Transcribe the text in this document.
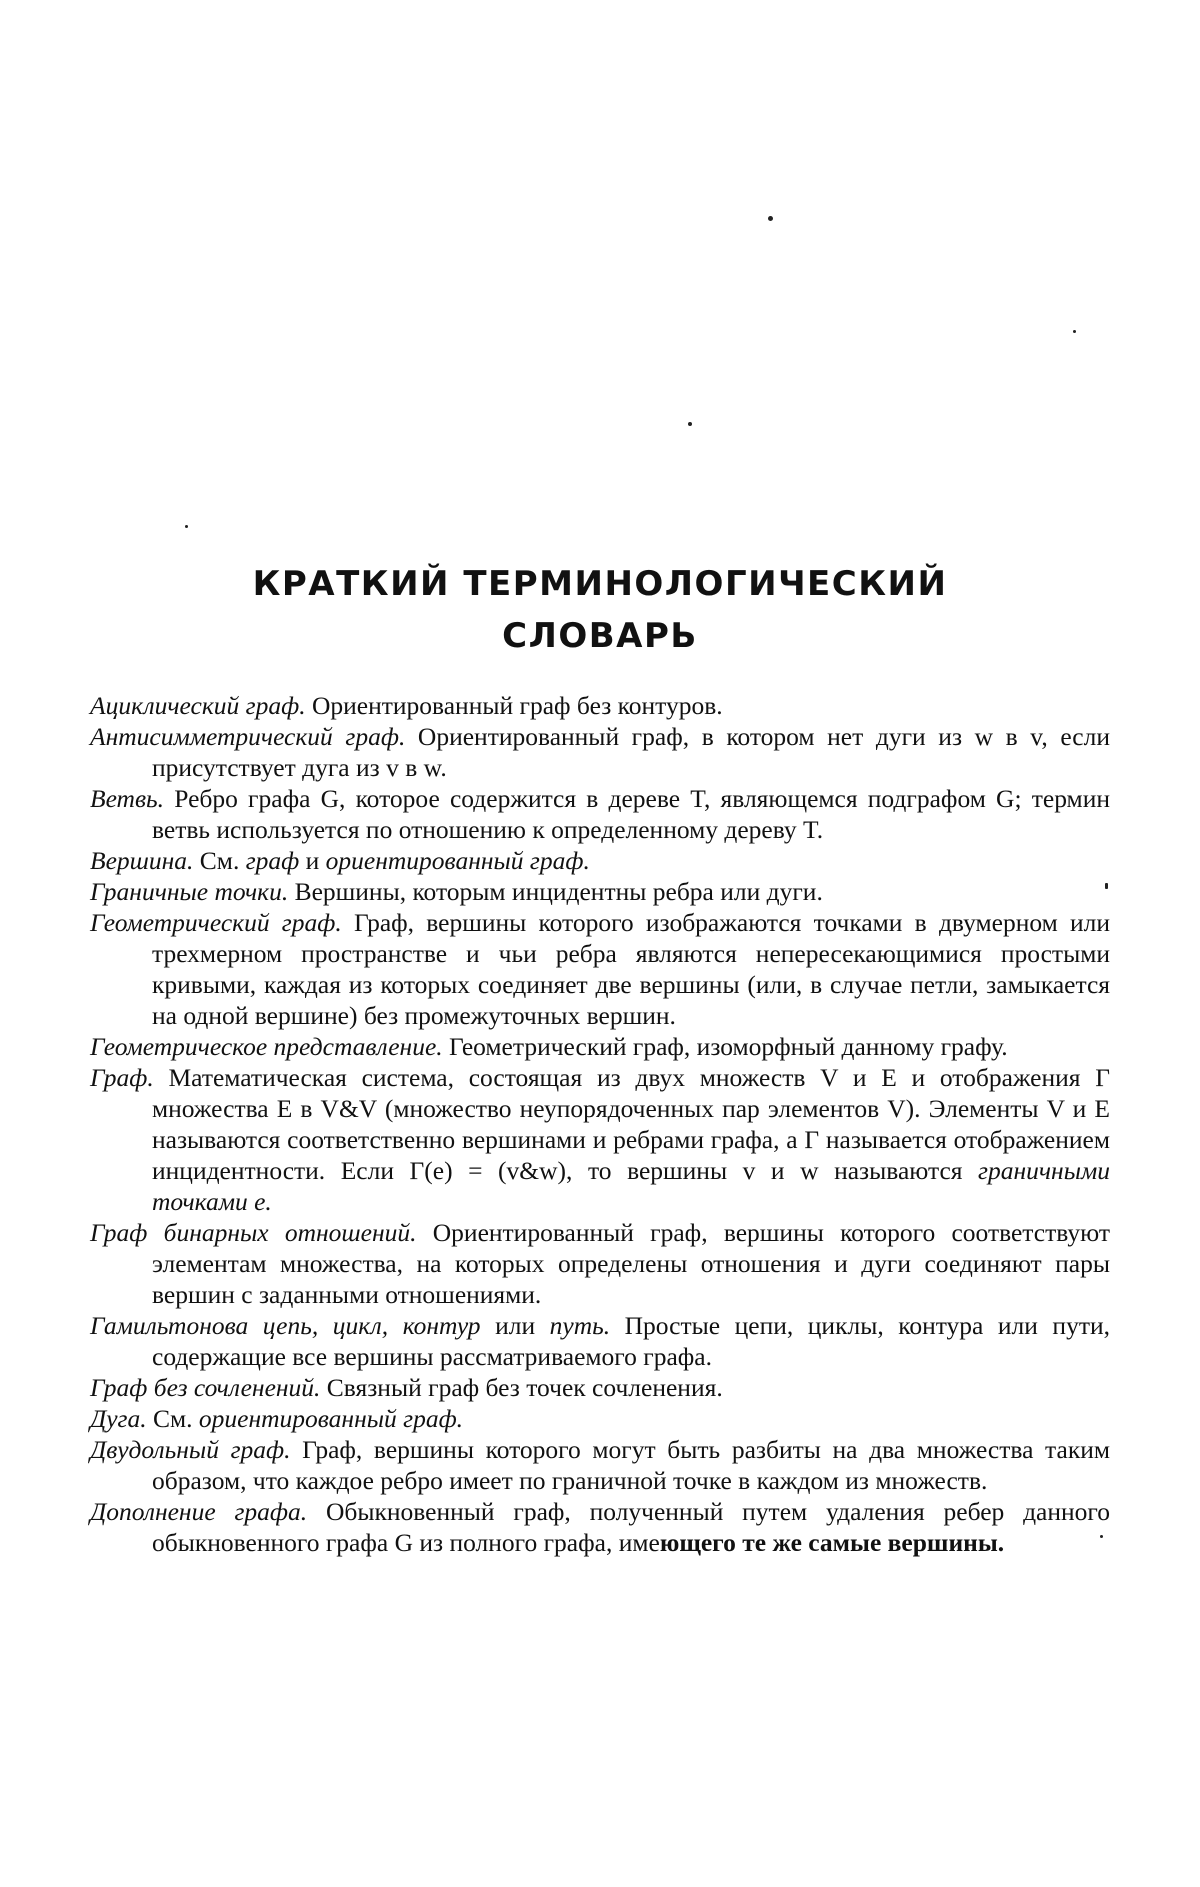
КРАТКИЙ ТЕРМИНОЛОГИЧЕСКИЙ
СЛОВАРЬ

Ациклический граф. Ориентированный граф без контуров.

Антисимметрический граф. Ориентированный граф, в котором нет дуги из w в v, если присутствует дуга из v в w.

Ветвь. Ребро графа G, которое содержится в дереве T, являющемся подграфом G; термин ветвь используется по отношению к определенному дереву T.

Вершина. См. граф и ориентированный граф.

Граничные точки. Вершины, которым инцидентны ребра или дуги.

Геометрический граф. Граф, вершины которого изображаются точками в двумерном или трехмерном пространстве и чьи ребра являются непересекающимися простыми кривыми, каждая из которых соединяет две вершины (или, в случае петли, замыкается на одной вершине) без промежуточных вершин.

Геометрическое представление. Геометрический граф, изоморфный данному графу.

Граф. Математическая система, состоящая из двух множеств V и E и отображения Γ множества E в V&V (множество неупорядоченных пар элементов V). Элементы V и E называются соответственно вершинами и ребрами графа, а Γ называется отображением инцидентности. Если Γ(e) = (v&w), то вершины v и w называются граничными точками e.

Граф бинарных отношений. Ориентированный граф, вершины которого соответствуют элементам множества, на которых определены отношения и дуги соединяют пары вершин с заданными отношениями.

Гамильтонова цепь, цикл, контур или путь. Простые цепи, циклы, контура или пути, содержащие все вершины рассматриваемого графа.

Граф без сочленений. Связный граф без точек сочленения.

Дуга. См. ориентированный граф.

Двудольный граф. Граф, вершины которого могут быть разбиты на два множества таким образом, что каждое ребро имеет по граничной точке в каждом из множеств.

Дополнение графа. Обыкновенный граф, полученный путем удаления ребер данного обыкновенного графа G из полного графа, имеющего те же самые вершины.
